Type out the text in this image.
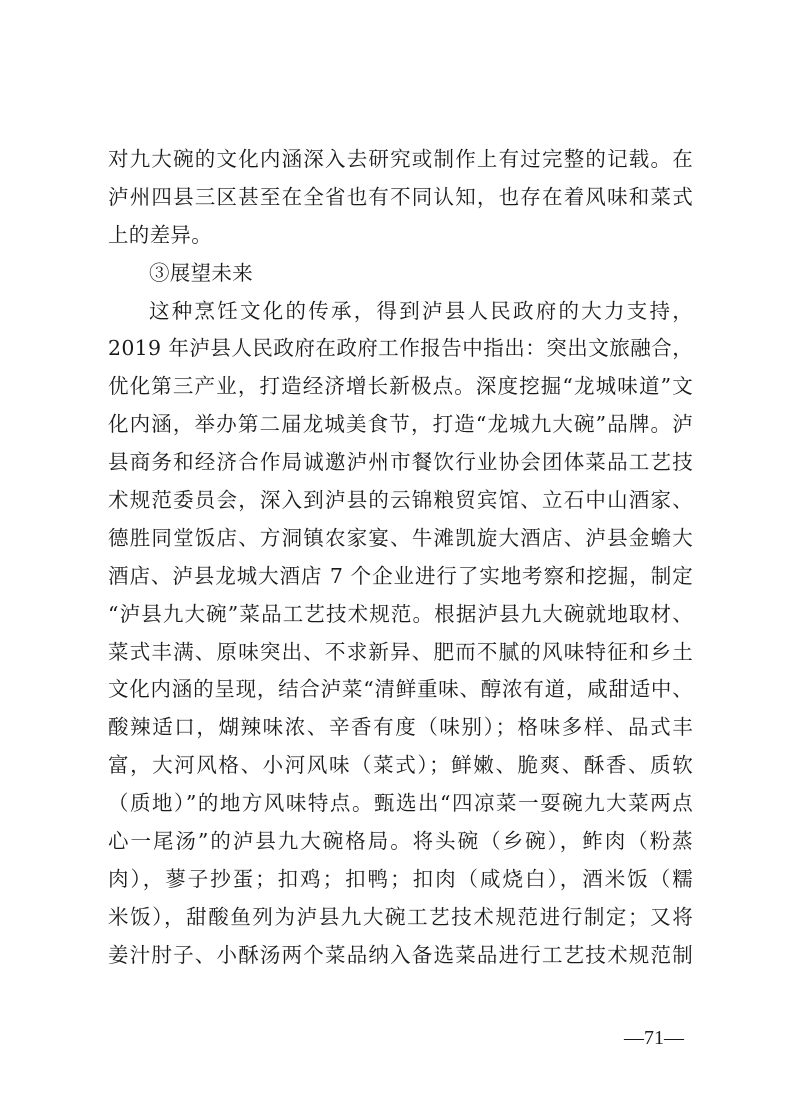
对九大碗的文化内涵深入去研究或制作上有过完整的记载。在
泸州四县三区甚至在全省也有不同认知，也存在着风味和菜式
上的差异。
③展望未来
这种烹饪文化的传承，得到泸县人民政府的大力支持，
2019 年泸县人民政府在政府工作报告中指出：突出文旅融合，
优化第三产业，打造经济增长新极点。深度挖掘“龙城味道”文
化内涵，举办第二届龙城美食节，打造“龙城九大碗”品牌。泸
县商务和经济合作局诚邀泸州市餐饮行业协会团体菜品工艺技
术规范委员会，深入到泸县的云锦粮贸宾馆、立石中山酒家、
德胜同堂饭店、方洞镇农家宴、牛滩凯旋大酒店、泸县金蟾大
酒店、泸县龙城大酒店 7 个企业进行了实地考察和挖掘，制定
“泸县九大碗”菜品工艺技术规范。根据泸县九大碗就地取材、
菜式丰满、原味突出、不求新异、肥而不腻的风味特征和乡土
文化内涵的呈现，结合泸菜“清鲜重味、醇浓有道，咸甜适中、
酸辣适口，煳辣味浓、辛香有度（味别）；格味多样、品式丰
富，大河风格、小河风味（菜式）；鲜嫩、脆爽、酥香、质软
（质地）”的地方风味特点。甄选出“四凉菜一耍碗九大菜两点
心一尾汤”的泸县九大碗格局。将头碗（乡碗），鲊肉（粉蒸
肉），蓼子抄蛋；扣鸡；扣鸭；扣肉（咸烧白），酒米饭（糯
米饭），甜酸鱼列为泸县九大碗工艺技术规范进行制定；又将
姜汁肘子、小酥汤两个菜品纳入备选菜品进行工艺技术规范制
—71—
